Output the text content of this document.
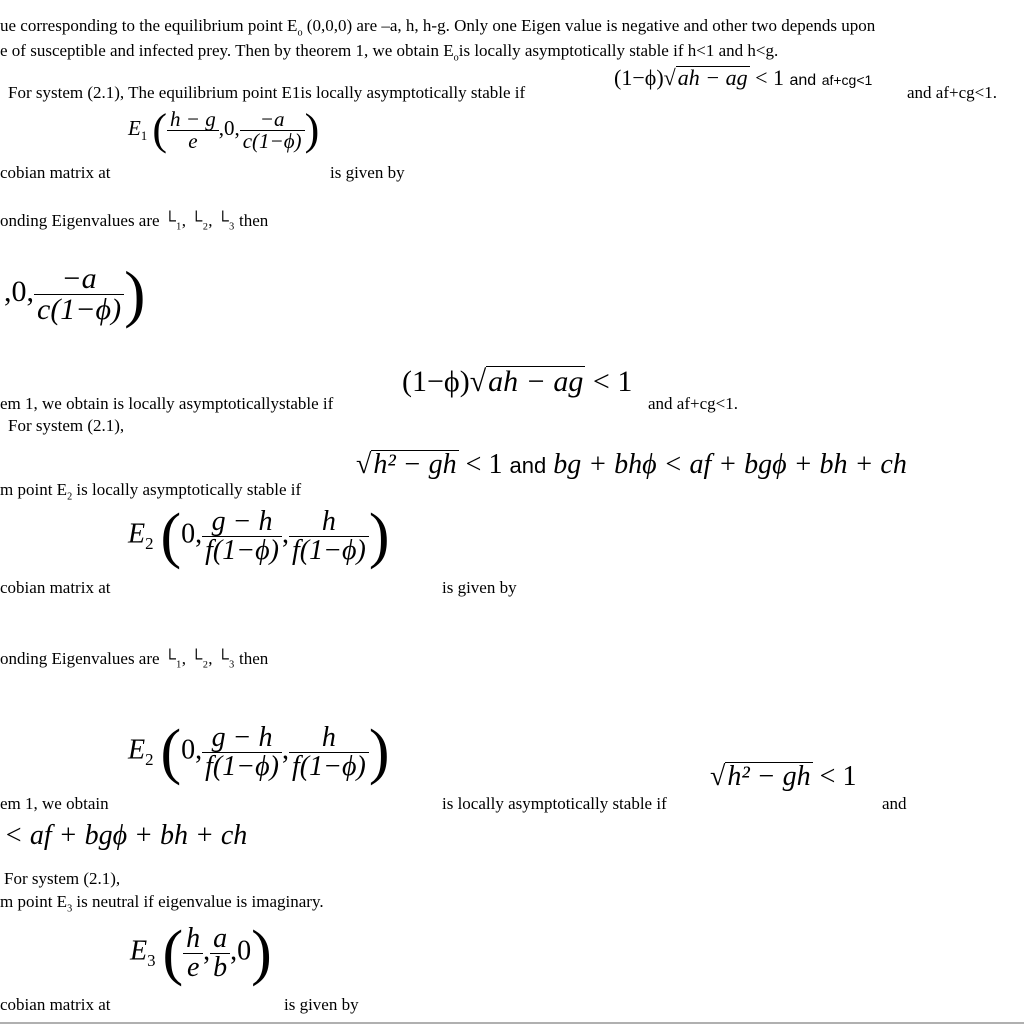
ue corresponding to the equilibrium point $E_o$ (0,0,0) are –a, h, h-g. Only one Eigen value is negative and other two depends upon
e of susceptible and infected prey. Then by theorem 1, we obtain $E_ois$ locally asymptotically stable if h<1 and h<g.
For system (2.1), The equilibrium point E1is locally asymptotically stable if
(1−ϕ)√ah − ag < 1 and af+cg<1
and af+cg<1.
$E_1$ ( $\frac{h - g}{e} ,0$, $\frac{-a}{c(1-\phi)}$ )
cobian matrix at	is given by
onding Eigenvalues are └₁, └₂, └₃ then
,0, $\frac{-a}{c(1-\phi)}$ )
em 1, we obtain is locally asymptoticallystable if
(1−ϕ)√ah − ag < 1
and af+cg<1.
For system (2.1),
m point $E_2$ is locally asymptotically stable if
√h² − gh < 1 and bg + bhϕ < af + bgϕ + bh + ch
$E_2$ (0, $\frac{g - h}{f(1-\phi)}$ , $\frac{h}{f(1-\phi)}$ )
cobian matrix at	is given by
onding Eigenvalues are └₁, └₂, └₃ then
$E_2$ (0, $\frac{g - h}{f(1-\phi)}$ , $\frac{h}{f(1-\phi)}$ )
em 1, we obtain	is locally asymptotically stable if
√h² − gh < 1
and
< af + bgϕ + bh + ch
For system (2.1),
m point $E_3$ is neutral if eigenvalue is imaginary.
$E_3$ ( $\frac{h}{e}$ , $\frac{a}{b} ,0$)
cobian matrix at	is given by
